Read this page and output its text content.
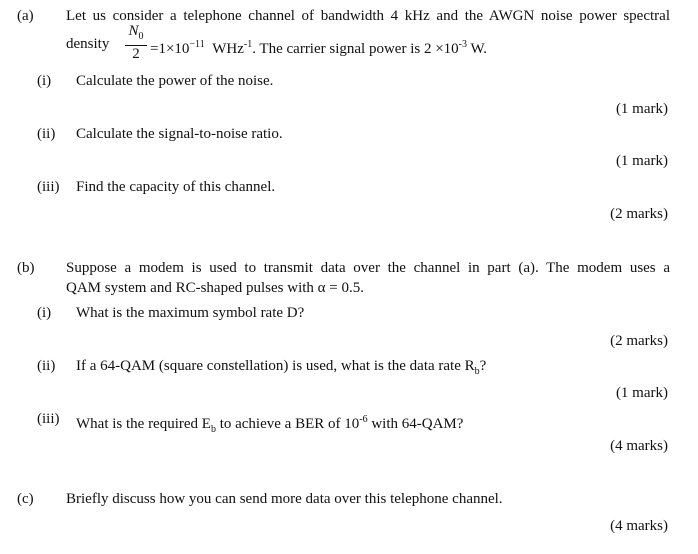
(a) Let us consider a telephone channel of bandwidth 4 kHz and the AWGN noise power spectral
density
$N_0$
$2 =1\times 10^{-11}$ WHz$^{-1}$. The carrier signal power is $2 \times 10^{-3}$ W.
(i) Calculate the power of the noise.
(1 mark)
(ii) Calculate the signal-to-noise ratio.
(1 mark)
(iii) Find the capacity of this channel.
(2 marks)
(b) Suppose a modem is used to transmit data over the channel in part (a). The modem uses a
QAM system and RC-shaped pulses with α = 0.5.
(i) What is the maximum symbol rate D?
(2 marks)
(ii) If a 64-QAM (square constellation) is used, what is the data rate $R_b$?
(1 mark)
(iii) What is the required $E_b$ to achieve a BER of $10^{-6}$ with 64-QAM?
(4 marks)
(c) Briefly discuss how you can send more data over this telephone channel.
(4 marks)
